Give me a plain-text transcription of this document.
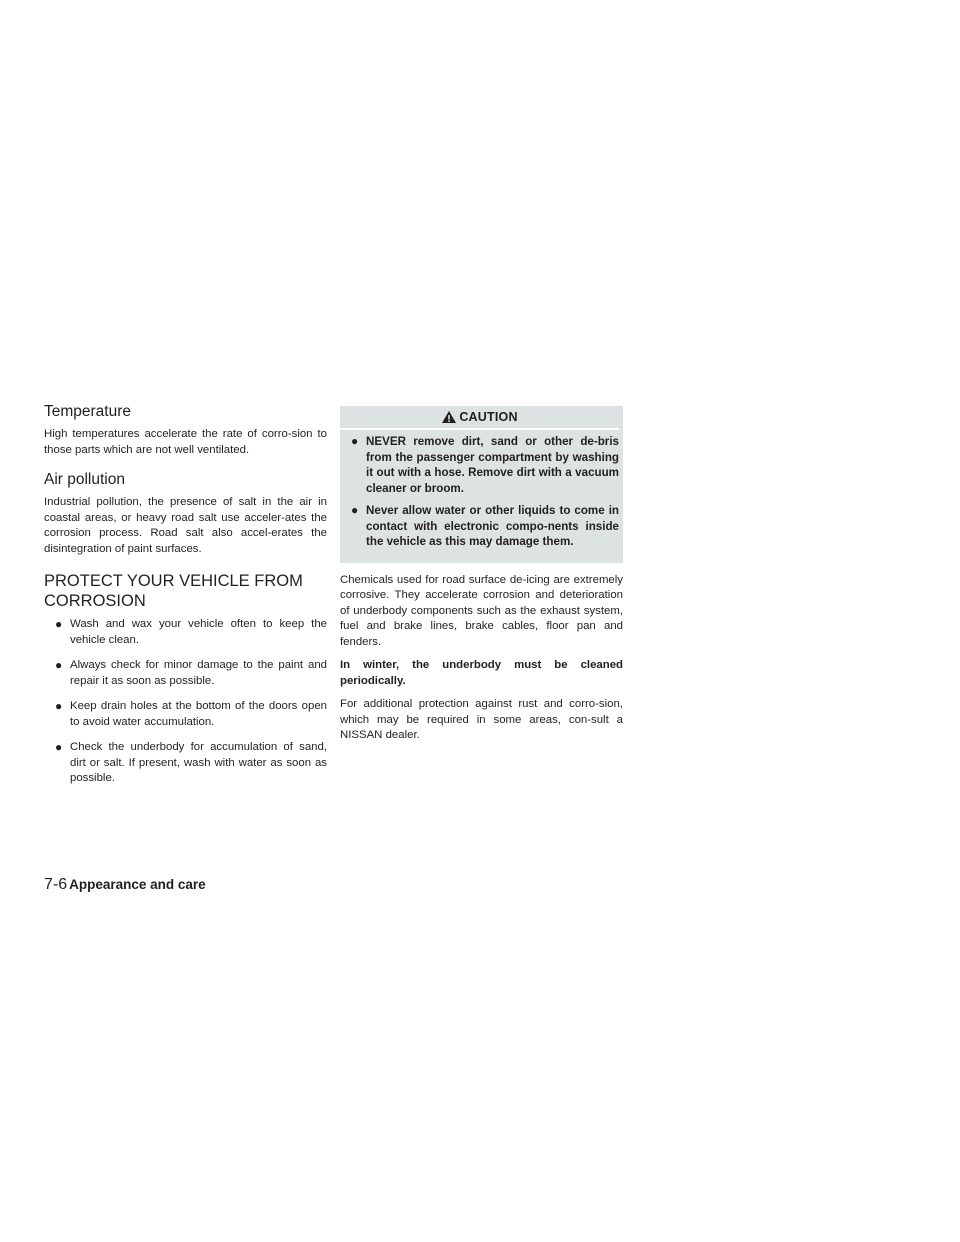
Temperature

High temperatures accelerate the rate of corro-sion to those parts which are not well ventilated.

Air pollution

Industrial pollution, the presence of salt in the air in coastal areas, or heavy road salt use acceler-ates the corrosion process. Road salt also accel-erates the disintegration of paint surfaces.

PROTECT YOUR VEHICLE FROM
CORROSION
● Wash and wax your vehicle often to keep the vehicle clean.
● Always check for minor damage to the paint and repair it as soon as possible.
● Keep drain holes at the bottom of the doors open to avoid water accumulation.
● Check the underbody for accumulation of sand, dirt or salt. If present, wash with water as soon as possible.
CAUTION
● NEVER remove dirt, sand or other de-bris from the passenger compartment by washing it out with a hose. Remove dirt with a vacuum cleaner or broom.
● Never allow water or other liquids to come in contact with electronic compo-nents inside the vehicle as this may damage them.

Chemicals used for road surface de-icing are extremely corrosive. They accelerate corrosion and deterioration of underbody components such as the exhaust system, fuel and brake lines, brake cables, floor pan and fenders.

In winter, the underbody must be cleaned periodically.

For additional protection against rust and corro-sion, which may be required in some areas, con-sult a NISSAN dealer.

7-6 Appearance and care
